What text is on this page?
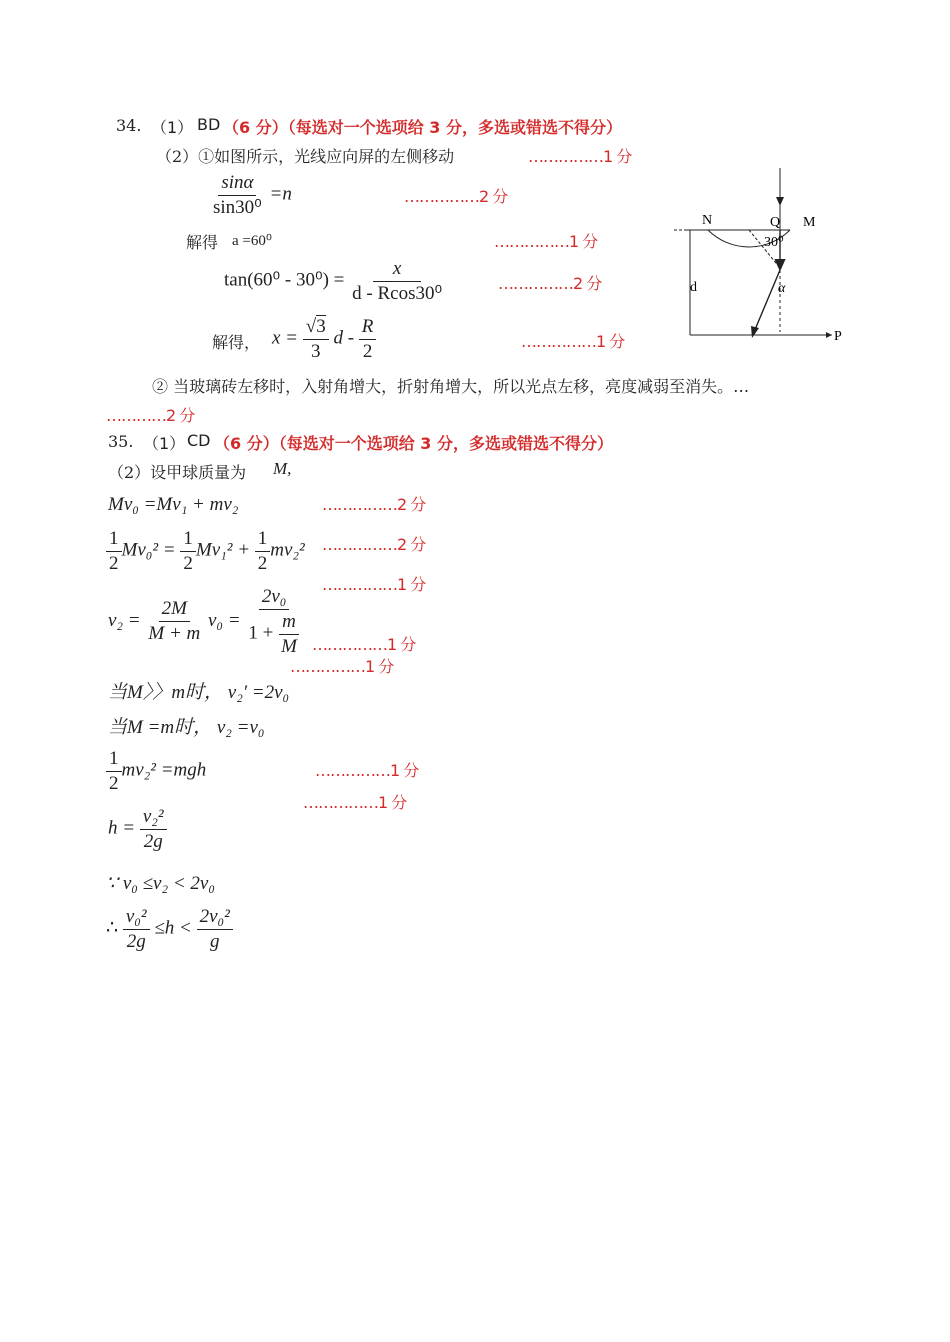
34. （1） BD （6 分）（每选对一个选项给 3 分，多选或错选不得分）
（2）①如图所示，光线应向屏的左侧移动	……………1 分
$\frac{\sin\alpha}{\text{sin30⁰}} =n$	……………2 分
解得 a =60⁰	……………1 分
$\tan(60^0 - 30^0) = \frac{x}{\text{d - Rcos30⁰}}$	……………2 分
解得， $x = \frac{√3}{3}$ d - $\frac{R}{2}$	……………1 分
N	Q M
30⁰
α
d
P
② 当玻璃砖左移时，入射角增大，折射角增大，所以光点左移，亮度减弱至消失。…
…………2 分
35. （1） CD （6 分）（每选对一个选项给 3 分，多选或错选不得分）
（2）设甲球质量为 M,
Mv₀ =Mv₁ + mv₂	……………2 分
$\frac{1}{2} Mv_0^2 = \frac{1}{2} Mv_1^2 + \frac{1}{2} mv_2^2$ ……………2 分
……………1 分
$v_2 = \frac{2M}{M + m} v_0 = \frac{\text{2v₀}}{1 + \frac{m}{M}}$ ……………1 分
……………1 分
当M〉〉m时， v₂′ =2v₀
当M =m时， v₂ =v₀
$\frac{1}{2} mv_2^2 =mgh$	……………1 分
……………1 分
$h = \frac{\text{v₂²}}{2g}$
∵ v₀ ≤v₂ < 2v₀
∴ $\frac{\text{v₀²}}{2g} \le h < \frac{\text{2v₀²}}{g}$
